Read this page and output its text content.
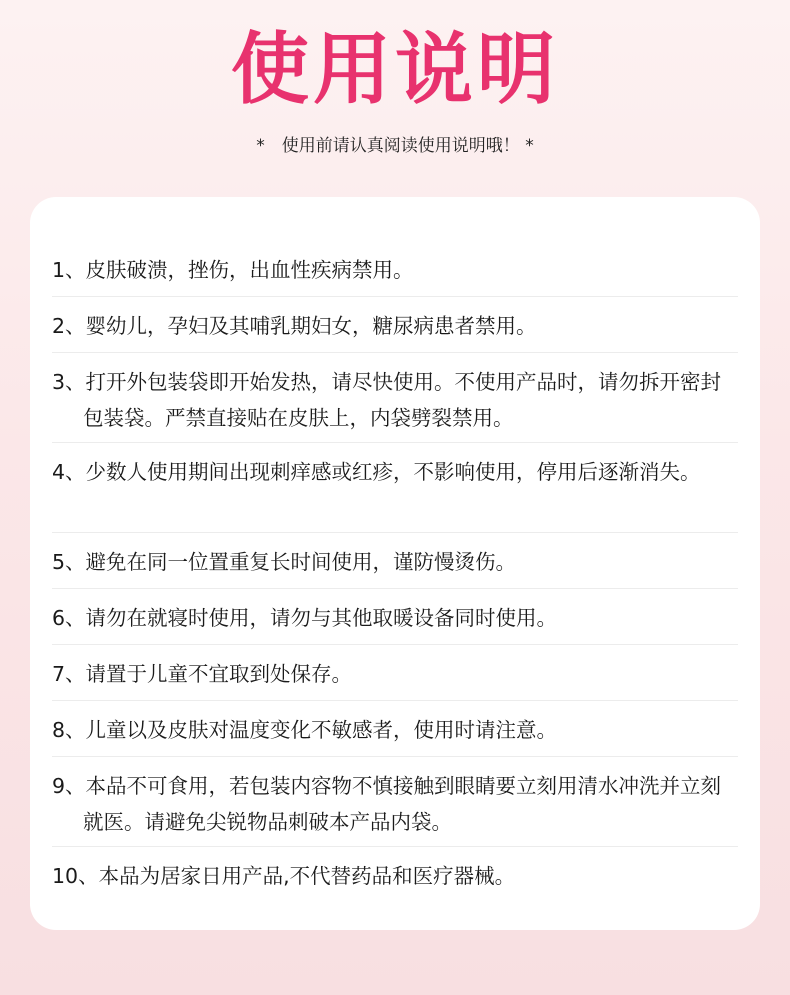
使用说明

*　使用前请认真阅读使用说明哦！ *

1、皮肤破溃，挫伤，出血性疾病禁用。
2、婴幼儿，孕妇及其哺乳期妇女，糖尿病患者禁用。
3、打开外包装袋即开始发热，请尽快使用。不使用产品时，请勿拆开密封包装袋。严禁直接贴在皮肤上，内袋劈裂禁用。
4、少数人使用期间出现刺痒感或红疹，不影响使用，停用后逐渐消失。
5、避免在同一位置重复长时间使用，谨防慢烫伤。
6、请勿在就寝时使用，请勿与其他取暖设备同时使用。
7、请置于儿童不宜取到处保存。
8、儿童以及皮肤对温度变化不敏感者，使用时请注意。
9、本品不可食用，若包装内容物不慎接触到眼睛要立刻用清水冲洗并立刻就医。请避免尖锐物品刺破本产品内袋。
10、本品为居家日用产品,不代替药品和医疗器械。
